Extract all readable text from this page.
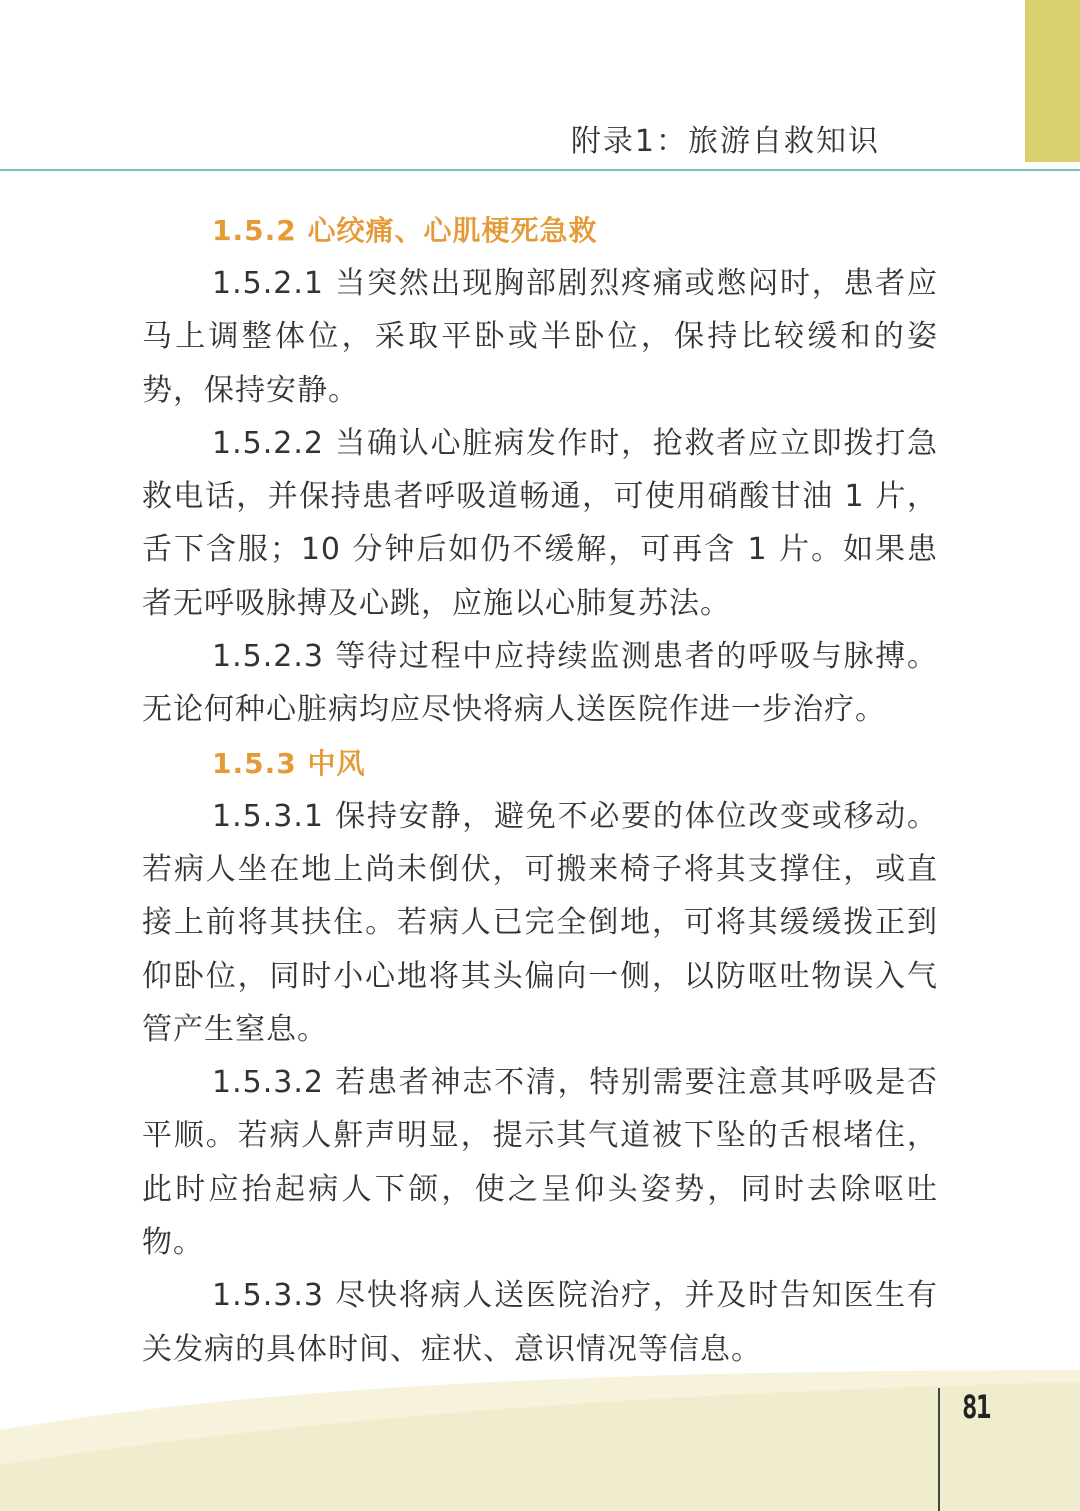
附录1：旅游自救知识
1.5.2 心绞痛、心肌梗死急救

1.5.2.1 当突然出现胸部剧烈疼痛或憋闷时，患者应马上调整体位，采取平卧或半卧位，保持比较缓和的姿势，保持安静。

1.5.2.2 当确认心脏病发作时，抢救者应立即拨打急救电话，并保持患者呼吸道畅通，可使用硝酸甘油 1 片，舌下含服；10 分钟后如仍不缓解，可再含 1 片。如果患者无呼吸脉搏及心跳，应施以心肺复苏法。

1.5.2.3 等待过程中应持续监测患者的呼吸与脉搏。无论何种心脏病均应尽快将病人送医院作进一步治疗。

1.5.3 中风

1.5.3.1 保持安静，避免不必要的体位改变或移动。若病人坐在地上尚未倒伏，可搬来椅子将其支撑住，或直接上前将其扶住。若病人已完全倒地，可将其缓缓拨正到仰卧位，同时小心地将其头偏向一侧，以防呕吐物误入气管产生窒息。

1.5.3.2 若患者神志不清，特别需要注意其呼吸是否平顺。若病人鼾声明显，提示其气道被下坠的舌根堵住，此时应抬起病人下颌，使之呈仰头姿势，同时去除呕吐物。

1.5.3.3 尽快将病人送医院治疗，并及时告知医生有关发病的具体时间、症状、意识情况等信息。

81
